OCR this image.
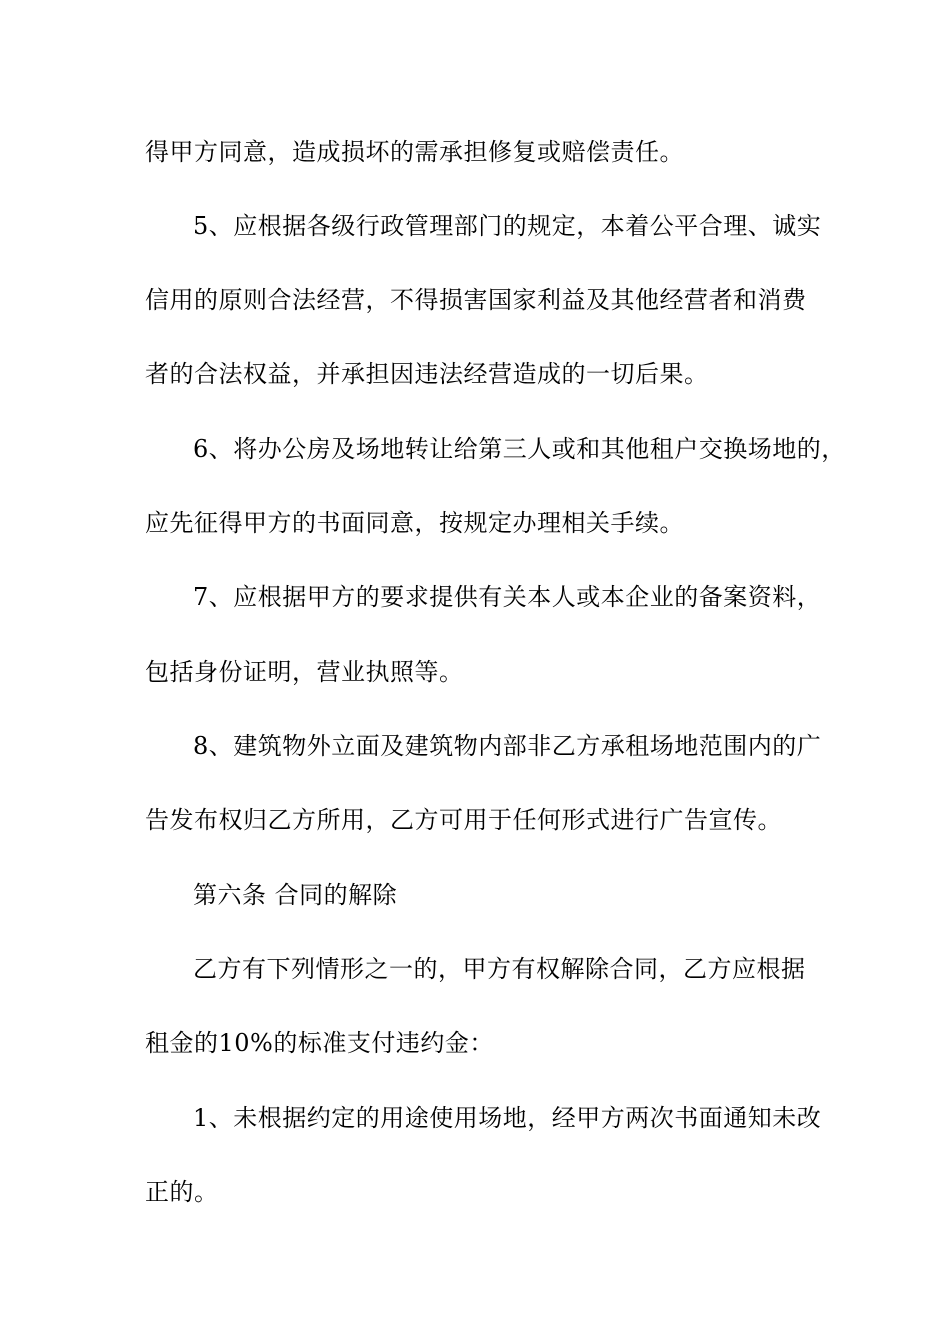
得甲方同意，造成损坏的需承担修复或赔偿责任。
5、应根据各级行政管理部门的规定，本着公平合理、诚实
信用的原则合法经营，不得损害国家利益及其他经营者和消费
者的合法权益，并承担因违法经营造成的一切后果。
6、将办公房及场地转让给第三人或和其他租户交换场地的，
应先征得甲方的书面同意，按规定办理相关手续。
7、应根据甲方的要求提供有关本人或本企业的备案资料，
包括身份证明，营业执照等。
8、建筑物外立面及建筑物内部非乙方承租场地范围内的广
告发布权归乙方所用，乙方可用于任何形式进行广告宣传。
第六条 合同的解除
乙方有下列情形之一的，甲方有权解除合同，乙方应根据
租金的10%的标准支付违约金：
1、未根据约定的用途使用场地，经甲方两次书面通知未改
正的。
